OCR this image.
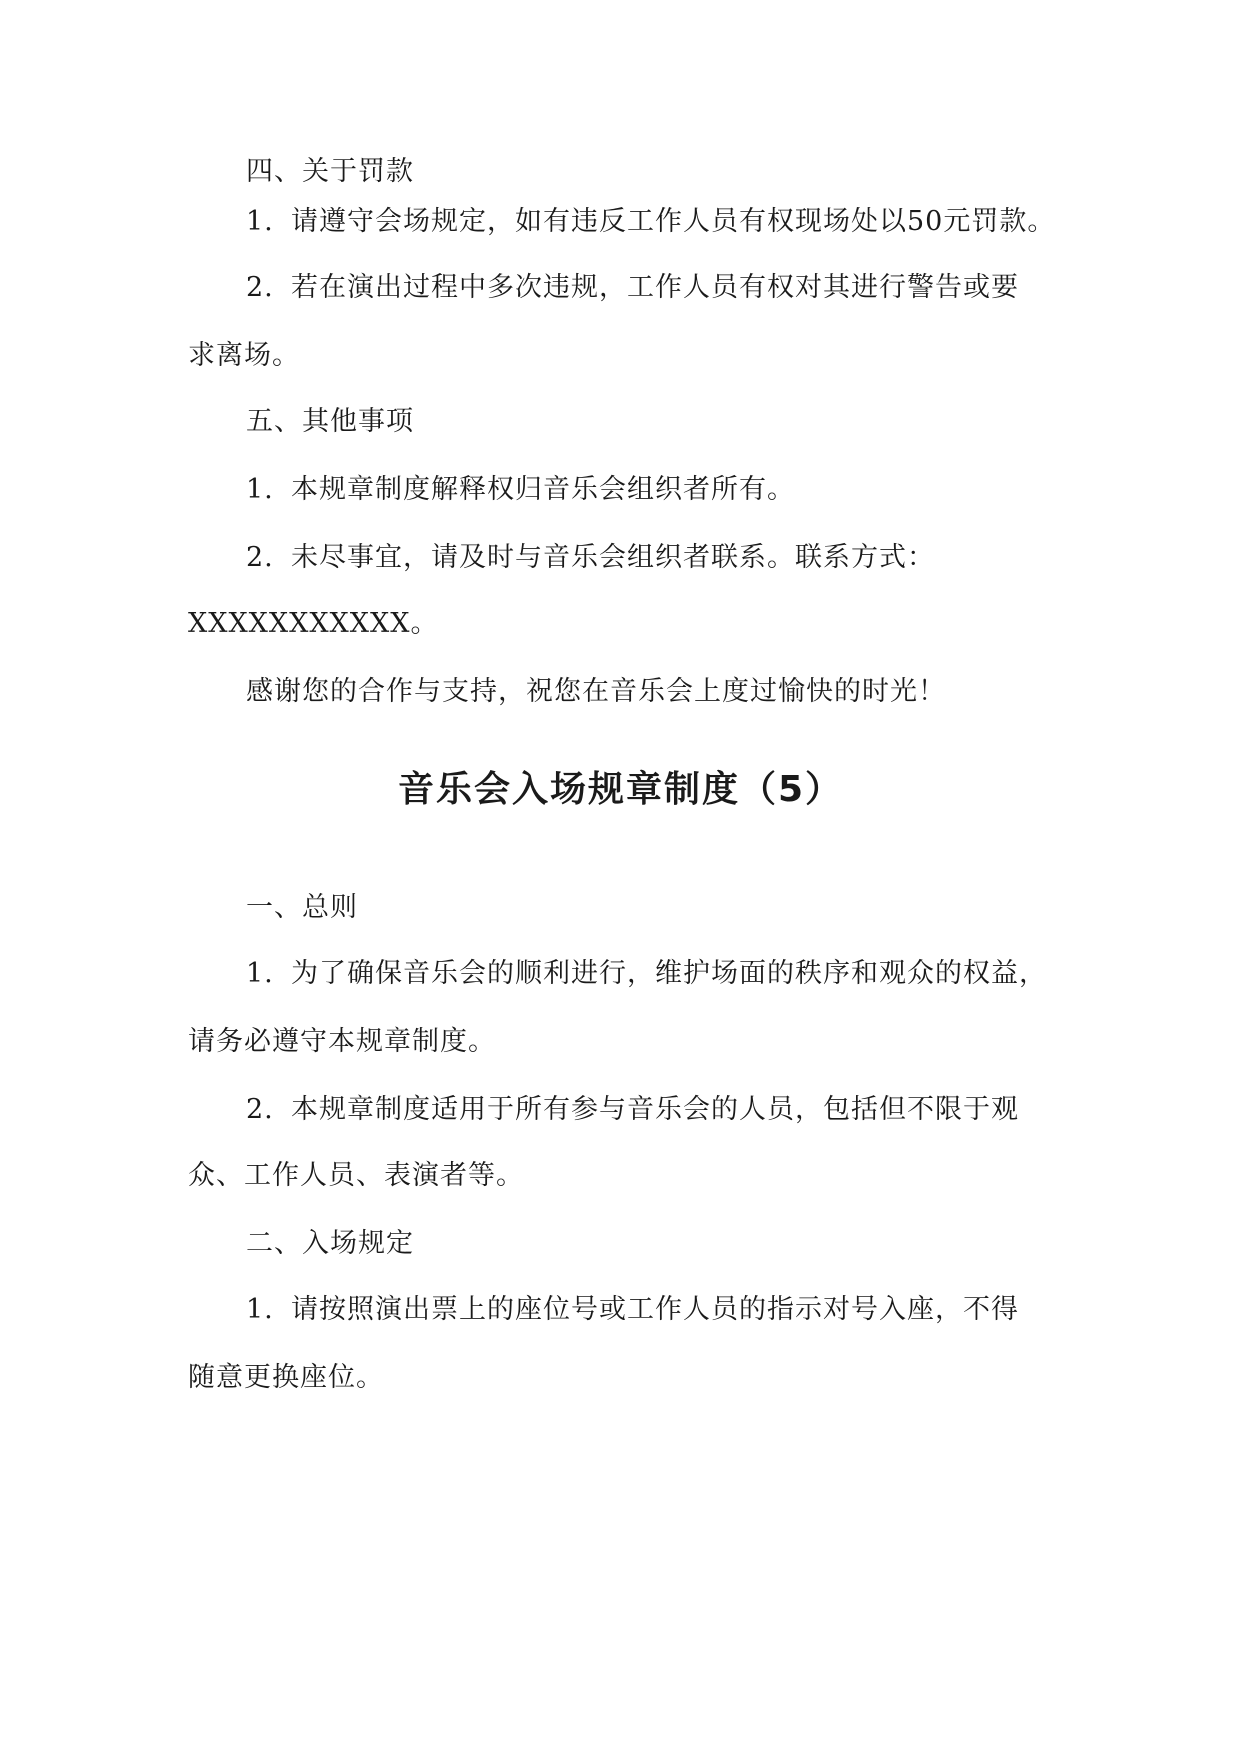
四、关于罚款
1. 请遵守会场规定，如有违反工作人员有权现场处以50元罚款。
2. 若在演出过程中多次违规，工作人员有权对其进行警告或要
求离场。
五、其他事项
1. 本规章制度解释权归音乐会组织者所有。
2. 未尽事宜，请及时与音乐会组织者联系。联系方式：
XXXXXXXXXXX。
感谢您的合作与支持，祝您在音乐会上度过愉快的时光！
音乐会入场规章制度（5）
一、总则
1. 为了确保音乐会的顺利进行，维护场面的秩序和观众的权益，
请务必遵守本规章制度。
2. 本规章制度适用于所有参与音乐会的人员，包括但不限于观
众、工作人员、表演者等。
二、入场规定
1. 请按照演出票上的座位号或工作人员的指示对号入座，不得
随意更换座位。
